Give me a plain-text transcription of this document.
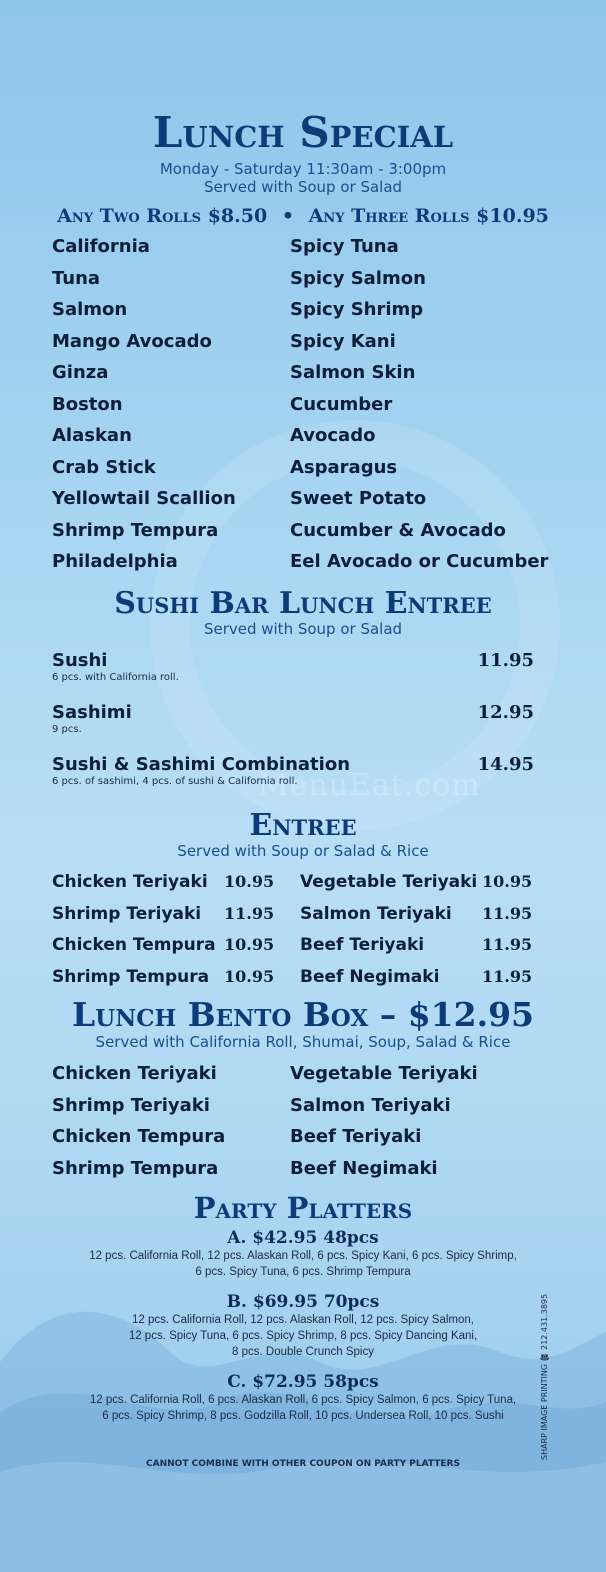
MenuEat.com
Lunch Special

Monday - Saturday 11:30am - 3:00pm

Served with Soup or Salad

Any Two Rolls $8.50 • Any Three Rolls $10.95
California	Spicy Tuna
Tuna	Spicy Salmon
Salmon	Spicy Shrimp
Mango Avocado	Spicy Kani
Ginza	Salmon Skin
Boston	Cucumber
Alaskan	Avocado
Crab Stick	Asparagus
Yellowtail Scallion	Sweet Potato
Shrimp Tempura	Cucumber & Avocado
Philadelphia	Eel Avocado or Cucumber
Sushi Bar Lunch Entree

Served with Soup or Salad

Sushi	11.95
6 pcs. with California roll.
Sashimi	12.95
9 pcs.
Sushi & Sashimi Combination	14.95
6 pcs. of sashimi, 4 pcs. of sushi & California roll.
Entree

Served with Soup or Salad & Rice

Chicken Teriyaki 10.95 Vegetable Teriyaki 10.95
Shrimp Teriyaki 11.95 Salmon Teriyaki 11.95
Chicken Tempura 10.95 Beef Teriyaki	11.95
Shrimp Tempura 10.95 Beef Negimaki	11.95
Lunch Bento Box – $12.95

Served with California Roll, Shumai, Soup, Salad & Rice

Chicken Teriyaki	Vegetable Teriyaki
Shrimp Teriyaki	Salmon Teriyaki
Chicken Tempura	Beef Teriyaki
Shrimp Tempura	Beef Negimaki
Party Platters
A. $42.95 48pcs
12 pcs. California Roll, 12 pcs. Alaskan Roll, 6 pcs. Spicy Kani, 6 pcs. Spicy Shrimp,
6 pcs. Spicy Tuna, 6 pcs. Shrimp Tempura
B. $69.95 70pcs
12 pcs. California Roll, 12 pcs. Alaskan Roll, 12 pcs. Spicy Salmon,
12 pcs. Spicy Tuna, 6 pcs. Spicy Shrimp, 8 pcs. Spicy Dancing Kani,
8 pcs. Double Crunch Spicy
C. $72.95 58pcs
12 pcs. California Roll, 6 pcs. Alaskan Roll, 6 pcs. Spicy Salmon, 6 pcs. Spicy Tuna,
6 pcs. Spicy Shrimp, 8 pcs. Godzilla Roll, 10 pcs. Undersea Roll, 10 pcs. Sushi
CANNOT COMBINE WITH OTHER COUPON ON PARTY PLATTERS
SHARP IMAGE PRINTING ☎ 212.431.3895
